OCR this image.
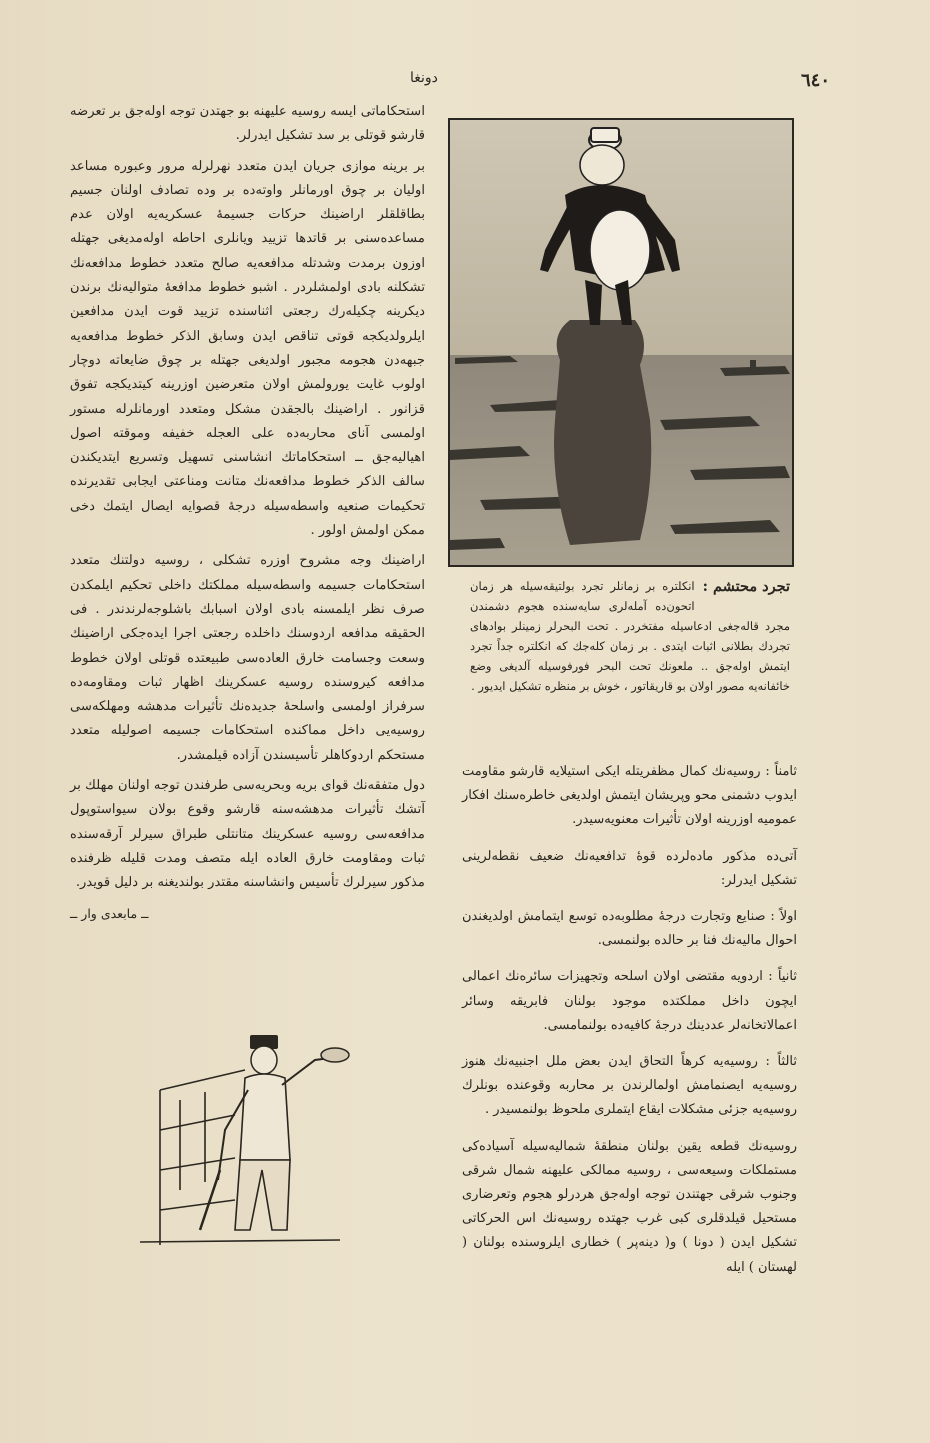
٦٤٠
دونغا

استحكاماتی ایسه روسیه علیهنه بو جهتدن توجه اوله‌جق بر تعرضه قارشو قوتلی بر سد تشکیل ایدرلر.

بر برینه موازی جریان ایدن متعدد نهرلرله مرور وعبوره مساعد اولیان بر چوق اورمانلر واوته‌ده بر وده تصادف اولنان جسیم بطاقلقلر اراضینك حرکات جسیمهٔ عسکریه‌یه اولان عدم مساعده‌سنی بر قاتدها تزیید ویانلری احاطه اوله‌مدیغی جهتله اوزون برمدت وشدتله مدافعه‌یه صالح متعدد خطوط مدافعه‌نك تشکلنه بادی اولمشلردر . اشبو خطوط مدافعهٔ متوالیه‌نك برندن دیکرینه چکیله‌رك رجعتی اثناسنده تزیید قوت ایدن مدافعین ایلرولدیکجه قوتی تناقص ایدن وسابق الذکر خطوط مدافعه‌یه جبهه‌دن هجومه مجبور اولدیغی جهتله بر چوق ضایعاته دوچار اولوب غایت یورولمش اولان متعرضین اوزرینه کیتدیکجه تفوق قزانور . اراضینك بالجقدن مشکل ومتعدد اورمانلرله مستور اولمسی آنای محاربه‌ده علی العجله خفیفه وموقته اصول اهیالیه‌جق ــ استحکاماتك انشاسنی تسهیل وتسریع ایتدیکندن سالف الذکر خطوط مدافعه‌نك متانت ومناعتی ایجابی تقدیرنده تحکیمات صنعیه واسطه‌سیله درجهٔ قصوایه ایصال ایتمك دخی ممکن اولمش اولور .

اراضینك وجه مشروح اوزره تشکلی ، روسیه دولتنك متعدد استحکامات جسیمه واسطه‌سیله مملکتك داخلی تحکیم ایلمکدن صرف نظر ایلمسنه بادی اولان اسبابك باشلوجه‌لرندندر . فی الحقیقه مدافعه اردوسنك داخلده رجعتی اجرا ایده‌جکی اراضینك وسعت وجسامت خارق العاده‌سی طبیعتده قوتلی اولان خطوط مدافعه کیروسنده روسیه عسکرینك اظهار ثبات ومقاومه‌ده سرفراز اولمسی واسلحهٔ جدیده‌نك تأثیرات مدهشه ومهلکه‌سی روسیه‌یی داخل مماکنده استحکامات جسیمه اصولیله متعدد مستحکم اردوکاهلر تأسیسندن آزاده قیلمشدر.

دول متفقه‌نك قوای بریه وبحریه‌سی طرفندن توجه اولنان مهلك بر آتشك تأثیرات مدهشه‌سنه قارشو وقوع بولان سیواستوپول مدافعه‌سی روسیه عسکرینك متانتلی طبراق سیرلر آرقه‌سنده ثبات ومقاومت خارق العاده ایله متصف ومدت قلیله ظرفنده مذکور سیرلرك تأسیس وانشاسنه مقتدر بولندیغنه بر دلیل قویدر.

ــ مابعدی وار ــ
تجرد محتشم :
انکلتره بر زمانلر تجرد بولتیقه‌سیله هر زمان اتحون‌ده آمله‌لری سایه‌سنده هجوم دشمندن مجرد قاله‌جغی ادعاسیله مفتخردر . تحت البحرلر زمینلر بوادهای تجردك بطلانی اثبات ایتدی . بر زمان کله‌جك که انکلتره جداً تجرد ایتمش اوله‌جق .. ملعونك تحت البحر فورفوسیله آلدیغی وضع خائفانه‌یه مصور اولان بو قاریقاتور ، خوش بر منظره تشکیل ایدیور .

ثامناً : روسیه‌نك کمال مظفریتله ایکی استیلایه قارشو مقاومت ایدوب دشمنی محو وپریشان ایتمش اولدیغی خاطره‌سنك افکار عمومیه اوزرینه اولان تأثیرات معنویه‌سیدر.

آتی‌ده مذکور ماده‌لرده قوهٔ تدافعیه‌نك ضعیف نقطه‌لرینی تشکیل ایدرلر:

اولاً : صنایع وتجارت درجهٔ مطلوبه‌ده توسع ایتمامش اولدیغندن احوال مالیه‌نك فنا بر حالده بولنمسی.

ثانیاً : اردویه مقتضی اولان اسلحه وتجهیزات سائره‌نك اعمالی ایچون داخل مملکتده موجود بولنان فابریقه وسائر اعمالاتخانه‌لر عددینك درجهٔ کافیه‌ده بولنمامسی.

ثالثاً : روسیه‌یه کرهاً التحاق ایدن بعض ملل اجنبیه‌نك هنوز روسیه‌یه ایصنمامش اولمالرندن بر محاربه وقوعنده بونلرك روسیه‌یه جزئی مشکلات ایقاع ایتملری ملحوظ بولنمسیدر .

روسیه‌نك قطعه یقین بولنان منطقهٔ شمالیه‌سیله آسیاده‌کی مستملکات وسیعه‌سی ، روسیه ممالکی علیهنه شمال شرقی وجنوب شرقی جهتندن توجه اوله‌جق هردرلو هجوم وتعرضاری مستحیل قیلدقلری کبی غرب جهتده روسیه‌نك اس الحرکاتی تشکیل ایدن ( دونا ) و( دینه‌پر ) خطاری ایلروسنده بولنان ( لهستان ) ایله
